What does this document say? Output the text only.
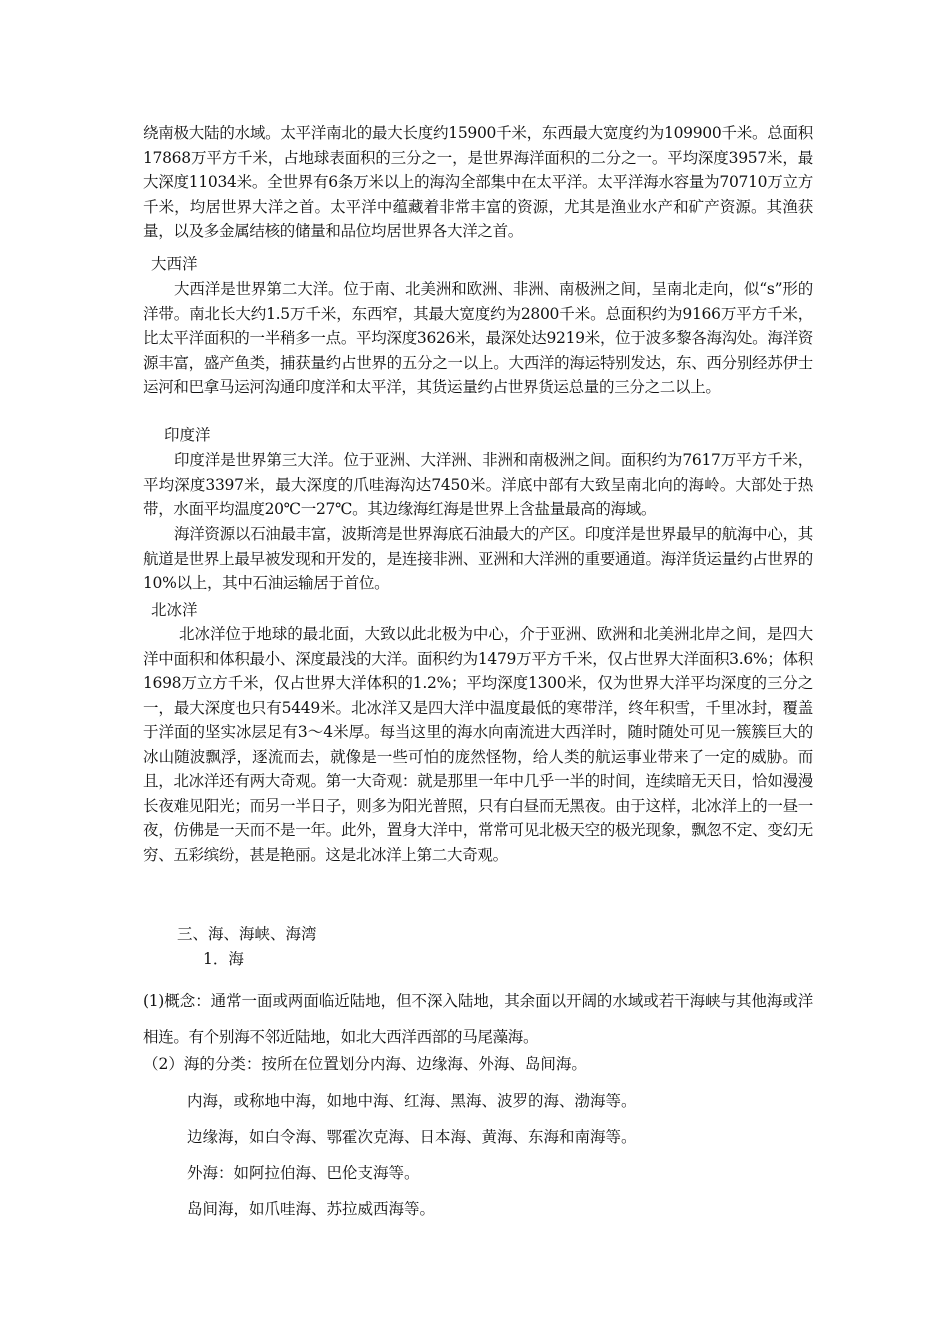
绕南极大陆的水域。太平洋南北的最大长度约15900千米，东西最大宽度约为109900千米。总面积17868万平方千米，占地球表面积的三分之一，是世界海洋面积的二分之一。平均深度3957米，最大深度11034米。全世界有6条万米以上的海沟全部集中在太平洋。太平洋海水容量为70710万立方千米，均居世界大洋之首。太平洋中蕴藏着非常丰富的资源，尤其是渔业水产和矿产资源。其渔获量，以及多金属结核的储量和品位均居世界各大洋之首。

大西洋

大西洋是世界第二大洋。位于南、北美洲和欧洲、非洲、南极洲之间，呈南北走向，似“s”形的洋带。南北长大约1.5万千米，东西窄，其最大宽度约为2800千米。总面积约为9166万平方千米，比太平洋面积的一半稍多一点。平均深度3626米，最深处达9219米，位于波多黎各海沟处。海洋资源丰富，盛产鱼类，捕获量约占世界的五分之一以上。大西洋的海运特别发达，东、西分别经苏伊士运河和巴拿马运河沟通印度洋和太平洋，其货运量约占世界货运总量的三分之二以上。

印度洋

印度洋是世界第三大洋。位于亚洲、大洋洲、非洲和南极洲之间。面积约为7617万平方千米，平均深度3397米，最大深度的爪哇海沟达7450米。洋底中部有大致呈南北向的海岭。大部处于热带，水面平均温度20℃一27℃。其边缘海红海是世界上含盐量最高的海域。

海洋资源以石油最丰富，波斯湾是世界海底石油最大的产区。印度洋是世界最早的航海中心，其航道是世界上最早被发现和开发的，是连接非洲、亚洲和大洋洲的重要通道。海洋货运量约占世界的10%以上，其中石油运输居于首位。

北冰洋

北冰洋位于地球的最北面，大致以此北极为中心，介于亚洲、欧洲和北美洲北岸之间，是四大洋中面积和体积最小、深度最浅的大洋。面积约为1479万平方千米，仅占世界大洋面积3.6%；体积1698万立方千米，仅占世界大洋体积的1.2%；平均深度1300米，仅为世界大洋平均深度的三分之一，最大深度也只有5449米。北冰洋又是四大洋中温度最低的寒带洋，终年积雪，千里冰封，覆盖于洋面的坚实冰层足有3～4米厚。每当这里的海水向南流进大西洋时，随时随处可见一簇簇巨大的冰山随波飘浮，逐流而去，就像是一些可怕的庞然怪物，给人类的航运事业带来了一定的威胁。而且，北冰洋还有两大奇观。第一大奇观：就是那里一年中几乎一半的时间，连续暗无天日，恰如漫漫长夜难见阳光；而另一半日子，则多为阳光普照，只有白昼而无黑夜。由于这样，北冰洋上的一昼一夜，仿佛是一天而不是一年。此外，置身大洋中，常常可见北极天空的极光现象，飘忽不定、变幻无穷、五彩缤纷，甚是艳丽。这是北冰洋上第二大奇观。

三、海、海峡、海湾

1．海

(1)概念：通常一面或两面临近陆地，但不深入陆地，其余面以开阔的水域或若干海峡与其他海或洋相连。有个别海不邻近陆地，如北大西洋西部的马尾藻海。

（2）海的分类：按所在位置划分内海、边缘海、外海、岛间海。

内海，或称地中海，如地中海、红海、黑海、波罗的海、渤海等。

边缘海，如白令海、鄂霍次克海、日本海、黄海、东海和南海等。

外海：如阿拉伯海、巴伦支海等。

岛间海，如爪哇海、苏拉威西海等。
